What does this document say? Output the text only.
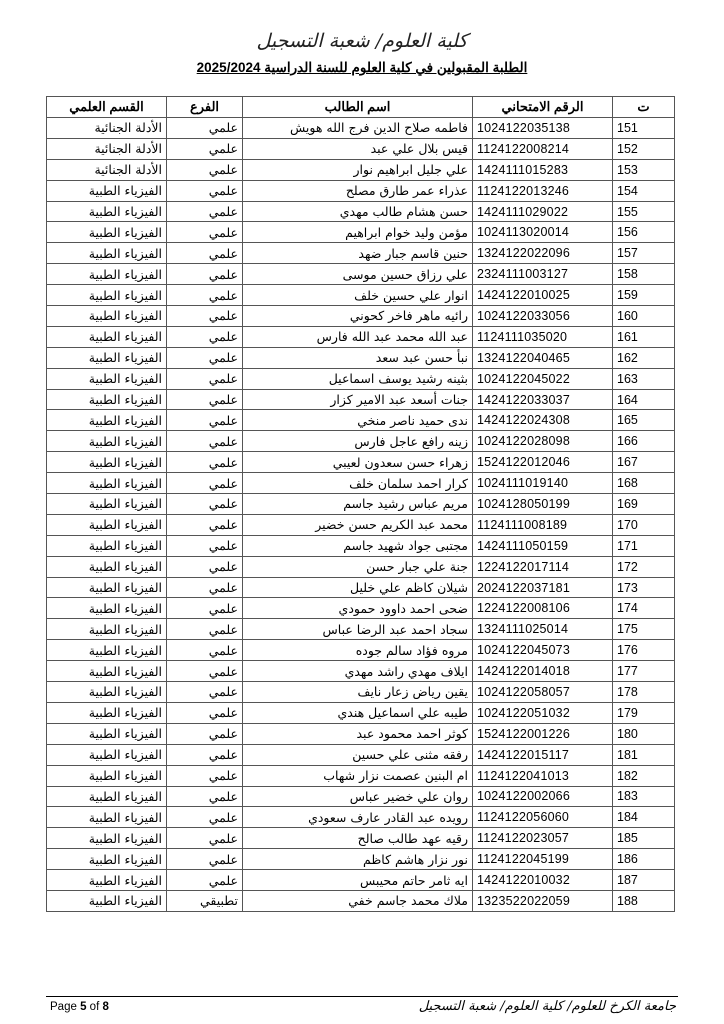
كلية العلوم/ شعبة التسجيل
الطلبة المقبولين في كلية العلوم للسنة الدراسية 2025/2024
ت	الرقم الامتحاني	اسم الطالب	الفرع	القسم العلمي
151	1024122035138	فاطمه صلاح الدين فرج الله هويش	علمي	الأدلة الجنائية
152	1124122008214	قيس بلال علي عبد	علمي	الأدلة الجنائية
153	1424111015283	علي جليل ابراهيم نوار	علمي	الأدلة الجنائية
154	1124122013246	عذراء عمر طارق مصلح	علمي	الفيزياء الطبية
155	1424111029022	حسن هشام طالب مهدي	علمي	الفيزياء الطبية
156	1024113020014	مؤمن وليد خوام ابراهيم	علمي	الفيزياء الطبية
157	1324122022096	حنين قاسم جبار ضهد	علمي	الفيزياء الطبية
158	2324111003127	علي رزاق حسين موسى	علمي	الفيزياء الطبية
159	1424122010025	انوار علي حسين خلف	علمي	الفيزياء الطبية
160	1024122033056	رائيه ماهر فاخر كحوني	علمي	الفيزياء الطبية
161	1124111035020	عبد الله محمد عبد الله فارس	علمي	الفيزياء الطبية
162	1324122040465	نبأ حسن عبد سعد	علمي	الفيزياء الطبية
163	1024122045022	بثينه رشيد يوسف اسماعيل	علمي	الفيزياء الطبية
164	1424122033037	جنات أسعد عبد الامير كزار	علمي	الفيزياء الطبية
165	1424122024308	ندى حميد ناصر منخي	علمي	الفيزياء الطبية
166	1024122028098	زينه رافع عاجل فارس	علمي	الفيزياء الطبية
167	1524122012046	زهراء حسن سعدون لعيبي	علمي	الفيزياء الطبية
168	1024111019140	كرار احمد سلمان خلف	علمي	الفيزياء الطبية
169	1024128050199	مريم عباس رشيد جاسم	علمي	الفيزياء الطبية
170	1124111008189	محمد عبد الكريم حسن خضير	علمي	الفيزياء الطبية
171	1424111050159	مجتبى جواد شهيد جاسم	علمي	الفيزياء الطبية
172	1224122017114	جنة علي جبار حسن	علمي	الفيزياء الطبية
173	2024122037181	شيلان كاظم علي خليل	علمي	الفيزياء الطبية
174	1224122008106	ضحى احمد داوود حمودي	علمي	الفيزياء الطبية
175	1324111025014	سجاد احمد عبد الرضا عباس	علمي	الفيزياء الطبية
176	1024122045073	مروه فؤاد سالم جوده	علمي	الفيزياء الطبية
177	1424122014018	ايلاف مهدي راشد مهدي	علمي	الفيزياء الطبية
178	1024122058057	يقين رياض زعار نايف	علمي	الفيزياء الطبية
179	1024122051032	طيبه علي اسماعيل هندي	علمي	الفيزياء الطبية
180	1524122001226	كوثر احمد محمود عبد	علمي	الفيزياء الطبية
181	1424122015117	رفقه مثنى علي حسين	علمي	الفيزياء الطبية
182	1124122041013	ام البنين عصمت نزار شهاب	علمي	الفيزياء الطبية
183	1024122002066	روان علي خضير عباس	علمي	الفيزياء الطبية
184	1124122056060	رويده عبد القادر عارف سعودي	علمي	الفيزياء الطبية
185	1124122023057	رقيه عهد طالب صالح	علمي	الفيزياء الطبية
186	1124122045199	نور نزار هاشم كاظم	علمي	الفيزياء الطبية
187	1424122010032	ايه ثامر حاتم محيبس	علمي	الفيزياء الطبية
188	1323522022059	ملاك محمد جاسم خفي	تطبيقي	الفيزياء الطبية
Page 5 of 8	جامعة الكرخ للعلوم/ كلية العلوم/ شعبة التسجيل
